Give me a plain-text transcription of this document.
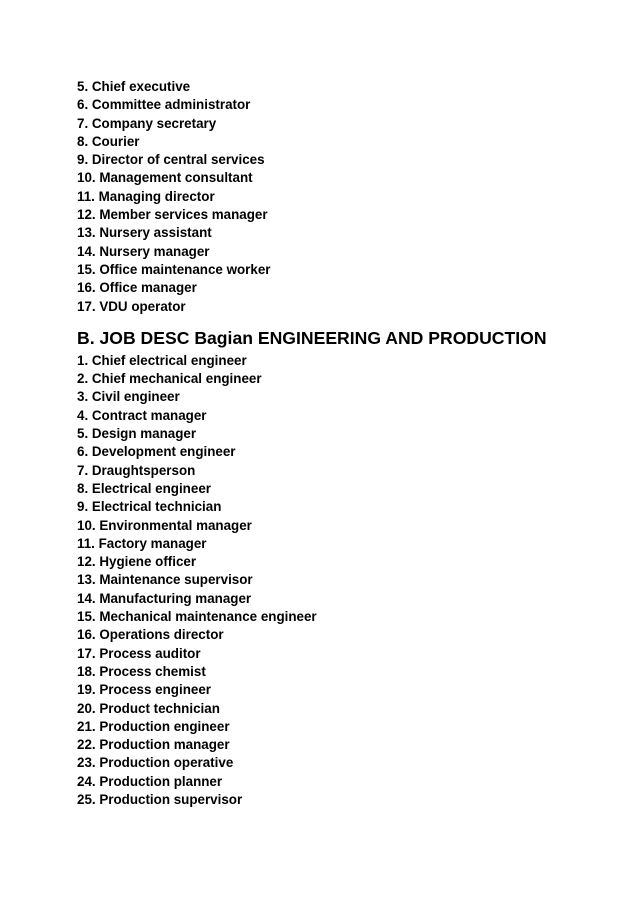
5. Chief executive
6. Committee administrator
7. Company secretary
8. Courier
9. Director of central services
10. Management consultant
11. Managing director
12. Member services manager
13. Nursery assistant
14. Nursery manager
15. Office maintenance worker
16. Office manager
17. VDU operator
B. JOB DESC Bagian ENGINEERING AND PRODUCTION
1. Chief electrical engineer
2. Chief mechanical engineer
3. Civil engineer
4. Contract manager
5. Design manager
6. Development engineer
7. Draughtsperson
8. Electrical engineer
9. Electrical technician
10. Environmental manager
11. Factory manager
12. Hygiene officer
13. Maintenance supervisor
14. Manufacturing manager
15. Mechanical maintenance engineer
16. Operations director
17. Process auditor
18. Process chemist
19. Process engineer
20. Product technician
21. Production engineer
22. Production manager
23. Production operative
24. Production planner
25. Production supervisor
